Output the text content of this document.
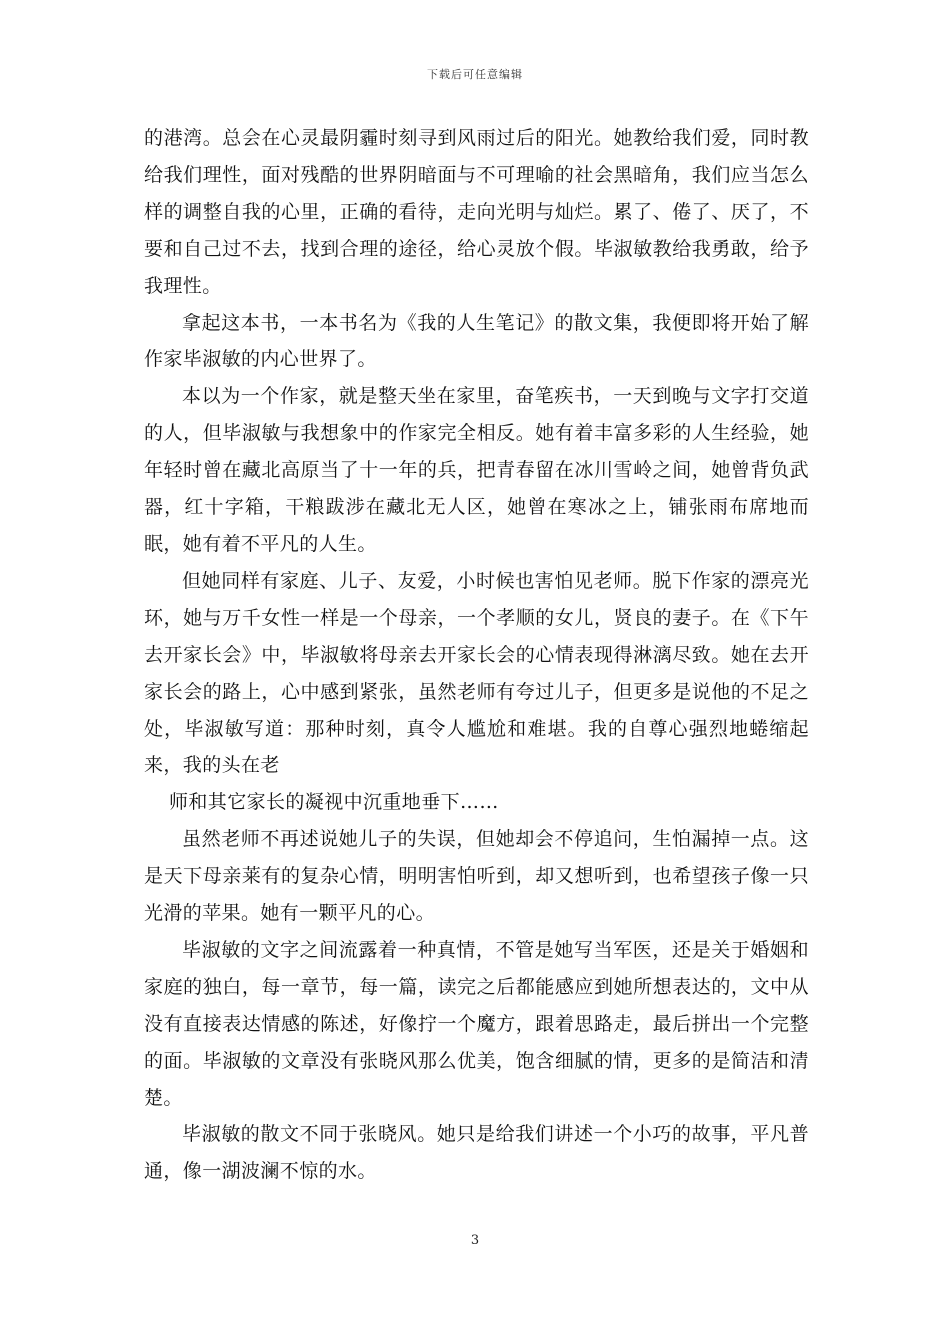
下载后可任意编辑

的港湾。总会在心灵最阴霾时刻寻到风雨过后的阳光。她教给我们爱，同时教给我们理性，面对残酷的世界阴暗面与不可理喻的社会黑暗角，我们应当怎么样的调整自我的心里，正确的看待，走向光明与灿烂。累了、倦了、厌了，不要和自己过不去，找到合理的途径，给心灵放个假。毕淑敏教给我勇敢，给予我理性。

拿起这本书，一本书名为《我的人生笔记》的散文集，我便即将开始了解作家毕淑敏的内心世界了。

本以为一个作家，就是整天坐在家里，奋笔疾书，一天到晚与文字打交道的人，但毕淑敏与我想象中的作家完全相反。她有着丰富多彩的人生经验，她年轻时曾在藏北高原当了十一年的兵，把青春留在冰川雪岭之间，她曾背负武器，红十字箱，干粮跋涉在藏北无人区，她曾在寒冰之上，铺张雨布席地而眠，她有着不平凡的人生。

但她同样有家庭、儿子、友爱，小时候也害怕见老师。脱下作家的漂亮光环，她与万千女性一样是一个母亲，一个孝顺的女儿，贤良的妻子。在《下午去开家长会》中，毕淑敏将母亲去开家长会的心情表现得淋漓尽致。她在去开家长会的路上，心中感到紧张，虽然老师有夸过儿子，但更多是说他的不足之处，毕淑敏写道：那种时刻，真令人尴尬和难堪。我的自尊心强烈地蜷缩起来，我的头在老

师和其它家长的凝视中沉重地垂下……

虽然老师不再述说她儿子的失误，但她却会不停追问，生怕漏掉一点。这是天下母亲莱有的复杂心情，明明害怕听到，却又想听到，也希望孩子像一只光滑的苹果。她有一颗平凡的心。

毕淑敏的文字之间流露着一种真情，不管是她写当军医，还是关于婚姻和家庭的独白，每一章节，每一篇，读完之后都能感应到她所想表达的，文中从没有直接表达情感的陈述，好像拧一个魔方，跟着思路走，最后拼出一个完整的面。毕淑敏的文章没有张晓风那么优美，饱含细腻的情，更多的是简洁和清楚。

毕淑敏的散文不同于张晓风。她只是给我们讲述一个小巧的故事，平凡普通，像一湖波澜不惊的水。

3
